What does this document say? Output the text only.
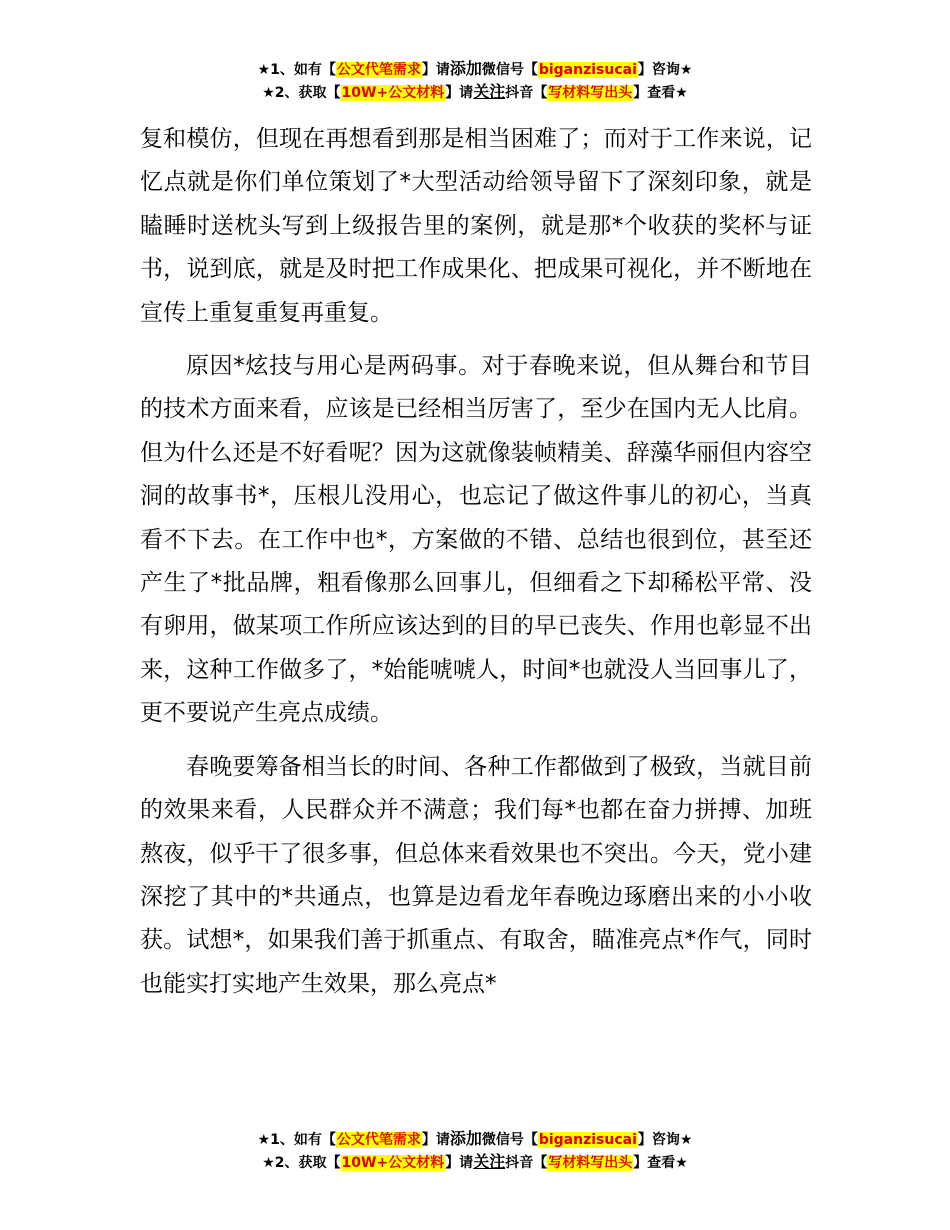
★1、如有【公文代笔需求】请添加微信号【biganzisucai】咨询★
★2、获取【10W+公文材料】请关注抖音【写材料写出头】查看★

复和模仿，但现在再想看到那是相当困难了；而对于工作来说，记忆点就是你们单位策划了*大型活动给领导留下了深刻印象，就是瞌睡时送枕头写到上级报告里的案例，就是那*个收获的奖杯与证书，说到底，就是及时把工作成果化、把成果可视化，并不断地在宣传上重复重复再重复。

原因*炫技与用心是两码事。对于春晚来说，但从舞台和节目的技术方面来看，应该是已经相当厉害了，至少在国内无人比肩。但为什么还是不好看呢？因为这就像装帧精美、辞藻华丽但内容空洞的故事书*，压根儿没用心，也忘记了做这件事儿的初心，当真看不下去。在工作中也*，方案做的不错、总结也很到位，甚至还产生了*批品牌，粗看像那么回事儿，但细看之下却稀松平常、没有卵用，做某项工作所应该达到的目的早已丧失、作用也彰显不出来，这种工作做多了，*始能唬唬人，时间*也就没人当回事儿了，更不要说产生亮点成绩。

春晚要筹备相当长的时间、各种工作都做到了极致，当就目前的效果来看，人民群众并不满意；我们每*也都在奋力拼搏、加班熬夜，似乎干了很多事，但总体来看效果也不突出。今天，党小建深挖了其中的*共通点，也算是边看龙年春晚边琢磨出来的小小收获。试想*，如果我们善于抓重点、有取舍，瞄准亮点*作气，同时也能实打实地产生效果，那么亮点*

★1、如有【公文代笔需求】请添加微信号【biganzisucai】咨询★
★2、获取【10W+公文材料】请关注抖音【写材料写出头】查看★
